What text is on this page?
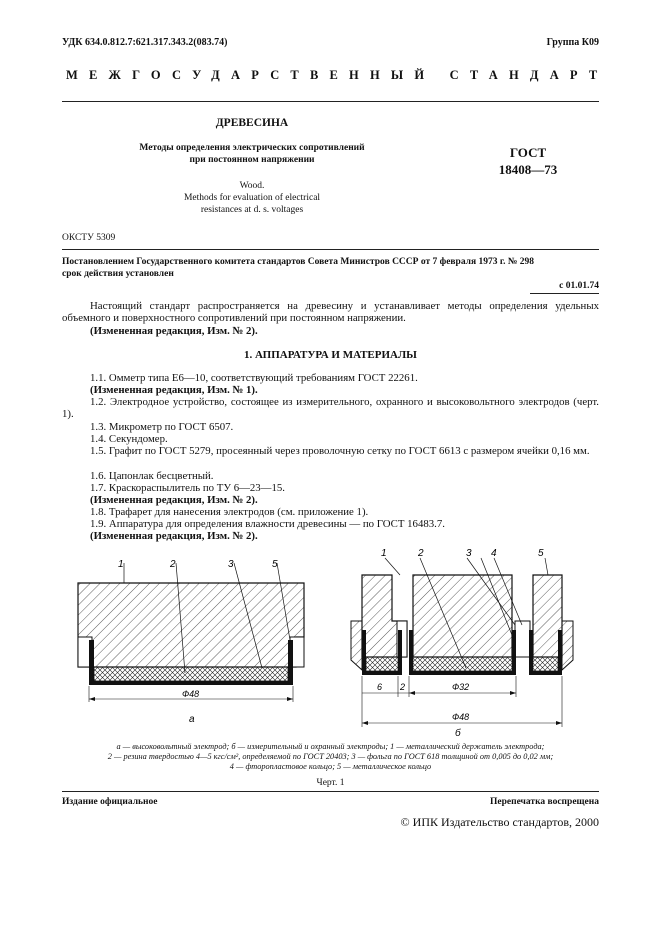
УДК 634.0.812.7:621.317.343.2(083.74)	Группа К09
МЕЖГОСУДАРСТВЕННЫЙ СТАНДАРТ
ДРЕВЕСИНА
Методы определения электрических сопротивлений
при постоянном напряжении
Wood.
Methods for evaluation of electrical
resistances at d. s. voltages
ГОСТ
18408—73
ОКСТУ 5309
Постановлением Государственного комитета стандартов Совета Министров СССР от 7 февраля 1973 г. № 298
срок действия установлен
с 01.01.74
Настоящий стандарт распространяется на древесину и устанавливает методы определения удельных объемного и поверхностного сопротивлений при постоянном напряжении.
(Измененная редакция, Изм. № 2).
1. АППАРАТУРА И МАТЕРИАЛЫ
1.1. Омметр типа Е6—10, соответствующий требованиям ГОСТ 22261.
(Измененная редакция, Изм. № 1).
1.2. Электродное устройство, состоящее из измерительного, охранного и высоковольтного электродов (черт. 1).
1.3. Микрометр по ГОСТ 6507.
1.4. Секундомер.
1.5. Графит по ГОСТ 5279, просеянный через проволочную сетку по ГОСТ 6613 с размером ячейки 0,16 мм.
1.6. Цапонлак бесцветный.
1.7. Краскораспылитель по ТУ 6—23—15.
(Измененная редакция, Изм. № 2).
1.8. Трафарет для нанесения электродов (см. приложение 1).
1.9. Аппаратура для определения влажности древесины — по ГОСТ 16483.7.
(Измененная редакция, Изм. № 2).
1	2	3	5
Ф48
а
1	2	3 4	5
6 2	Ф32
Ф48
б
а — высоковольтный электрод; б — измерительный и охранный электроды; 1 — металлический держатель электрода;
2 — резина твердостью 4—5 кгс/см², определяемой по ГОСТ 20403; 3 — фольга по ГОСТ 618 толщиной от 0,005 до 0,02 мм;
4 — фторопластовое кольцо; 5 — металлическое кольцо
Черт. 1
Издание официальное	Перепечатка воспрещена
© ИПК Издательство стандартов, 2000
